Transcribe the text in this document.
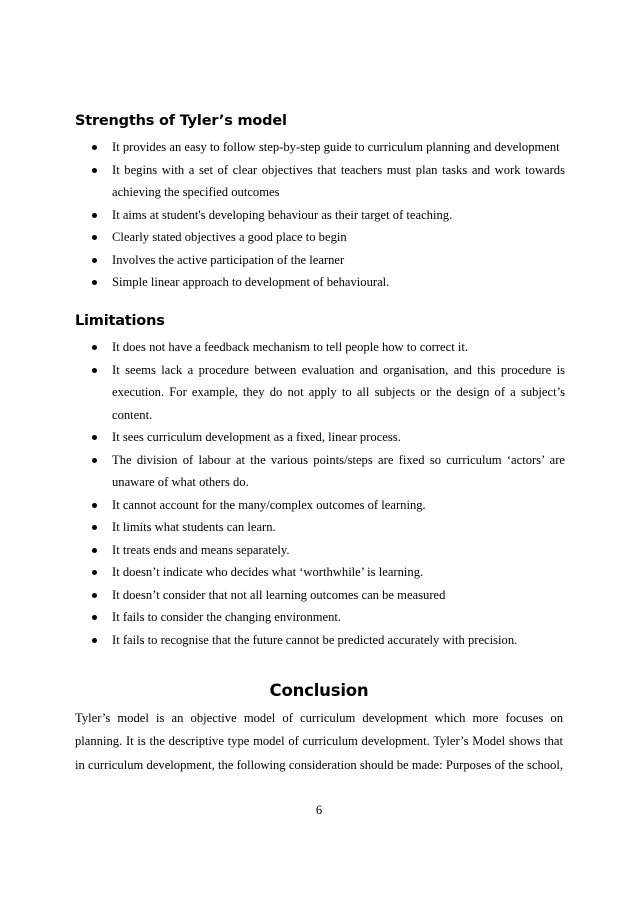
Strengths of Tyler’s model
It provides an easy to follow step-by-step guide to curriculum planning and development
It begins with a set of clear objectives that teachers must plan tasks and work towards achieving the specified outcomes
It aims at student's developing behaviour as their target of teaching.
Clearly stated objectives a good place to begin
Involves the active participation of the learner
Simple linear approach to development of behavioural.
Limitations
It does not have a feedback mechanism to tell people how to correct it.
It seems lack a procedure between evaluation and organisation, and this procedure is execution. For example, they do not apply to all subjects or the design of a subject’s content.
It sees curriculum development as a fixed, linear process.
The division of labour at the various points/steps are fixed so curriculum ‘actors’ are unaware of what others do.
It cannot account for the many/complex outcomes of learning.
It limits what students can learn.
It treats ends and means separately.
It doesn’t indicate who decides what ‘worthwhile’ is learning.
It doesn’t consider that not all learning outcomes can be measured
It fails to consider the changing environment.
It fails to recognise that the future cannot be predicted accurately with precision.
Conclusion

Tyler’s model is an objective model of curriculum development which more focuses on planning. It is the descriptive type model of curriculum development. Tyler’s Model shows that in curriculum development, the following consideration should be made: Purposes of the school,

6
